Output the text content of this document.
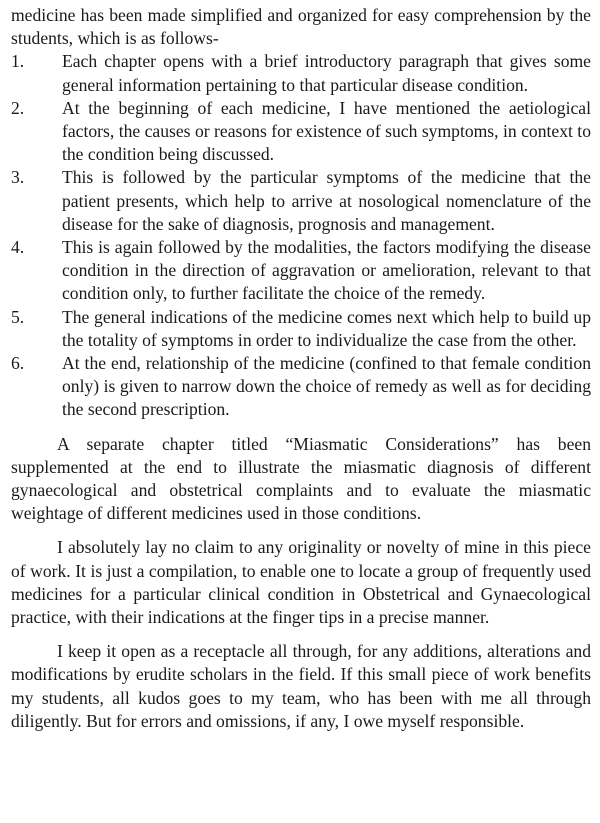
medicine has been made simplified and organized for easy comprehension by the students, which is as follows-

1.	Each chapter opens with a brief introductory paragraph that gives some general information pertaining to that particular disease condition.
2.	At the beginning of each medicine, I have mentioned the aetiological factors, the causes or reasons for existence of such symptoms, in context to the condition being discussed.
3.	This is followed by the particular symptoms of the medicine that the patient presents, which help to arrive at nosological nomenclature of the disease for the sake of diagnosis, prognosis and management.
4.	This is again followed by the modalities, the factors modifying the disease condition in the direction of aggravation or amelioration, relevant to that condition only, to further facilitate the choice of the remedy.
5.	The general indications of the medicine comes next which help to build up the totality of symptoms in order to individualize the case from the other.
6.	At the end, relationship of the medicine (confined to that female condition only) is given to narrow down the choice of remedy as well as for deciding the second prescription.

A separate chapter titled “Miasmatic Considerations” has been supplemented at the end to illustrate the miasmatic diagnosis of different gynaecological and obstetrical complaints and to evaluate the miasmatic weightage of different medicines used in those conditions.

I absolutely lay no claim to any originality or novelty of mine in this piece of work. It is just a compilation, to enable one to locate a group of frequently used medicines for a particular clinical condition in Obstetrical and Gynaecological practice, with their indications at the finger tips in a precise manner.

I keep it open as a receptacle all through, for any additions, alterations and modifications by erudite scholars in the field. If this small piece of work benefits my students, all kudos goes to my team, who has been with me all through diligently. But for errors and omissions, if any, I owe myself responsible.
